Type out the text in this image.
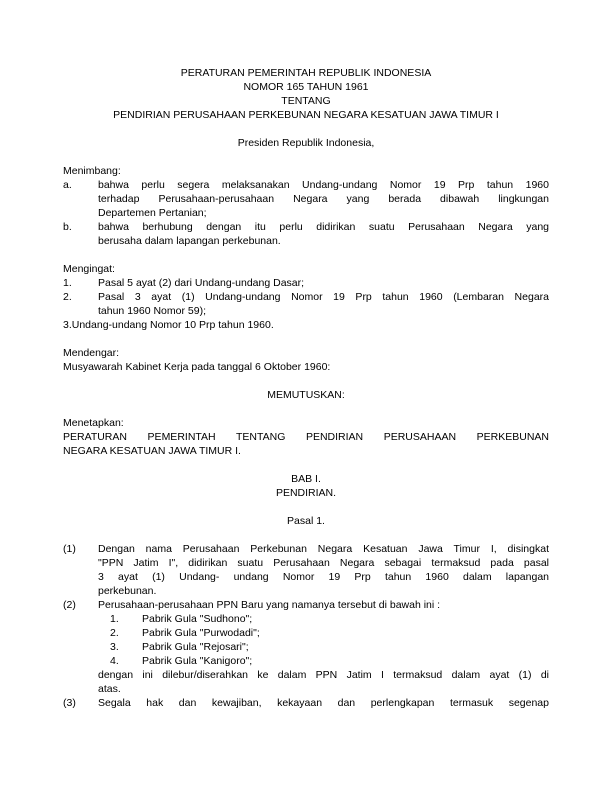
PERATURAN PEMERINTAH REPUBLIK INDONESIA
NOMOR 165 TAHUN 1961
TENTANG
PENDIRIAN PERUSAHAAN PERKEBUNAN NEGARA KESATUAN JAWA TIMUR I
Presiden Republik Indonesia,
Menimbang:
a. bahwa perlu segera melaksanakan Undang-undang Nomor 19 Prp tahun 1960
terhadap Perusahaan-perusahaan Negara yang berada dibawah lingkungan
Departemen Pertanian;
b. bahwa berhubung dengan itu perlu didirikan suatu Perusahaan Negara yang
berusaha dalam lapangan perkebunan.
Mengingat:
1. Pasal 5 ayat (2) dari Undang-undang Dasar;
2. Pasal 3 ayat (1) Undang-undang Nomor 19 Prp tahun 1960 (Lembaran Negara
tahun 1960 Nomor 59);
3.Undang-undang Nomor 10 Prp tahun 1960.
Mendengar:
Musyawarah Kabinet Kerja pada tanggal 6 Oktober 1960:
MEMUTUSKAN:
Menetapkan:
PERATURAN PEMERINTAH TENTANG PENDIRIAN PERUSAHAAN PERKEBUNAN
NEGARA KESATUAN JAWA TIMUR I.
BAB I.
PENDIRIAN.
Pasal 1.
(1) Dengan nama Perusahaan Perkebunan Negara Kesatuan Jawa Timur I, disingkat
"PPN Jatim I", didirikan suatu Perusahaan Negara sebagai termaksud pada pasal
3 ayat (1) Undang- undang Nomor 19 Prp tahun 1960 dalam lapangan
perkebunan.
(2) Perusahaan-perusahaan PPN Baru yang namanya tersebut di bawah ini :
1. Pabrik Gula "Sudhono";
2. Pabrik Gula "Purwodadi";
3. Pabrik Gula "Rejosari";
4. Pabrik Gula "Kanigoro";
dengan ini dilebur/diserahkan ke dalam PPN Jatim I termaksud dalam ayat (1) di
atas.
(3) Segala hak dan kewajiban, kekayaan dan perlengkapan termasuk segenap
